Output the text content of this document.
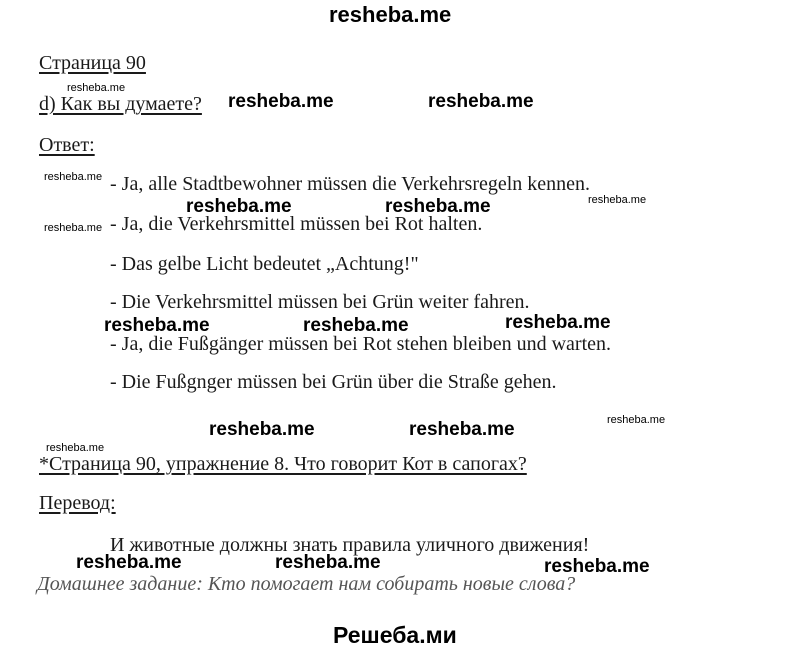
resheba.me
Страница 90
d) Как вы думаете?
Ответ:
- Ja, alle Stadtbewohner müssen die Verkehrsregeln kennen.
- Ja, die Verkehrsmittel müssen bei Rot halten.
- Das gelbe Licht bedeutet „Achtung!"
- Die Verkehrsmittel müssen bei Grün weiter fahren.
- Ja, die Fußgänger müssen bei Rot stehen bleiben und warten.
- Die Fußgnger müssen bei Grün über die Straße gehen.
*Страница 90, упражнение 8. Что говорит Кот в сапогах?
Перевод:
И животные должны знать правила уличного движения!
Домашнее задание: Кто помогает нам собирать новые слова?
resheba.me
resheba.me
resheba.me
resheba.me
resheba.me
resheba.me
resheba.me	resheba.me
resheba.me	resheba.me
resheba.me	resheba.me	resheba.me
resheba.me	resheba.me
resheba.me	resheba.me	resheba.me
Решеба.ми
